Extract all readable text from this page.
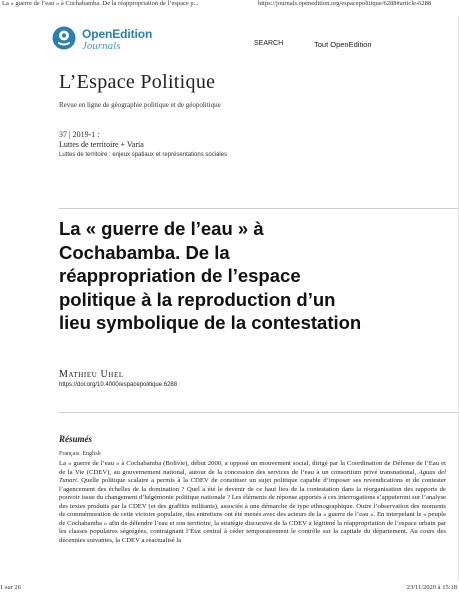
La « guerre de l’eau » à Cochabamba. De la réappropriation de l’espace p...	https://journals.openedition.org/espacepolitique/6288#article-6288
OpenEdition
Journals	SEARCH	Tout OpenEdition
L’Espace Politique
Revue en ligne de géographie politique et de géopolitique
37 | 2019-1 :
Luttes de territoire + Varia
Luttes de territoire : enjeux spatiaux et représentations sociales
La « guerre de l’eau » à Cochabamba. De la réappropriation de l’espace politique à la reproduction d’un lieu symbolique de la contestation
Mathieu Uhel
https://doi.org/10.4000/espacepolitique.6288
Résumés
Français English

La « guerre de l’eau » à Cochabamba (Bolivie), début 2000, a opposé un mouvement social, dirigé par la Coordination de Défense de l’Eau et de la Vie (CDEV), au gouvernement national, autour de la concession des services de l’eau à un consortium privé transnational, Aguas del Tunari. Quelle politique scalaire a permis à la CDEV de constituer un sujet politique capable d’imposer ses revendications et de contester l’agencement des échelles de la domination ? Quel a été le devenir de ce haut lieu de la contestation dans la réorganisation des rapports de pouvoir issue du changement d’hégémonie politique nationale ? Les éléments de réponse apportés à ces interrogations s’appuieront sur l’analyse des textes produits par la CDEV (et des graffitis militants), associée à une démarche de type ethnographique. Outre l’observation des moments de commémoration de cette victoire populaire, des entretiens ont été menés avec des acteurs de la « guerre de l’eau ». En interpelant le « peuple de Cochabamba » afin de défendre l’eau et son territoire, la stratégie discursive de la CDEV a légitimé la réappropriation de l’espace urbain par les classes populaires ségrégées, contraignant l’État central à céder temporairement le contrôle sur la capitale du département. Au cours des décennies suivantes, la CDEV a réactualisé la

1 sur 26	23/11/2020 à 15:18
